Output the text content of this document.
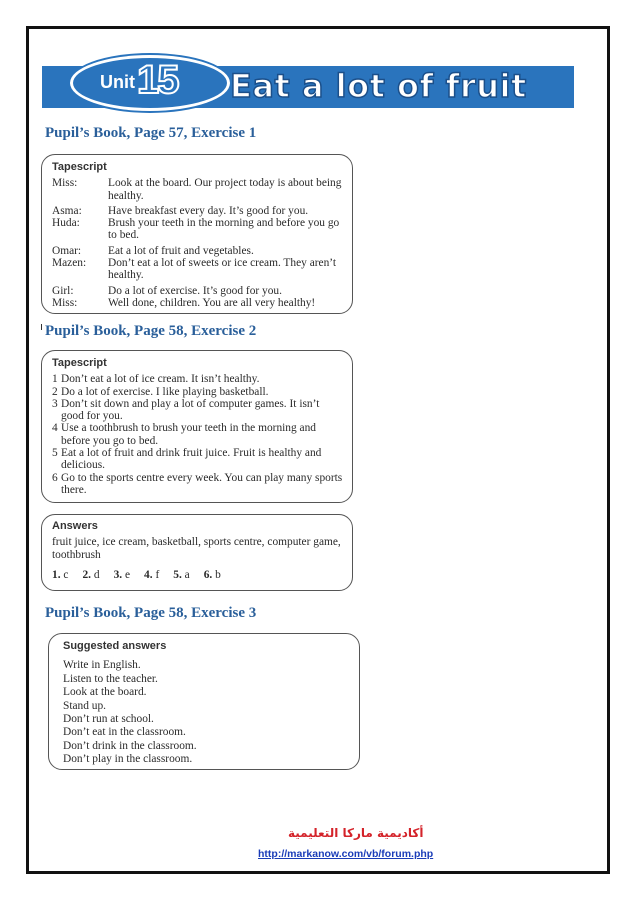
Unit 15 Eat a lot of fruit
Pupil’s Book, Page 57, Exercise 1
Tapescript
Miss:	Look at the board. Our project today is about being healthy.
Asma:	Have breakfast every day. It’s good for you.
Huda:	Brush your teeth in the morning and before you go to bed.
Omar:	Eat a lot of fruit and vegetables.
Mazen:	Don’t eat a lot of sweets or ice cream. They aren’t healthy.
Girl:	Do a lot of exercise. It’s good for you.
Miss:	Well done, children. You are all very healthy!
Pupil’s Book, Page 58, Exercise 2
Tapescript
1 Don’t eat a lot of ice cream. It isn’t healthy.
2 Do a lot of exercise. I like playing basketball.
3 Don’t sit down and play a lot of computer games. It isn’t good for you.
4 Use a toothbrush to brush your teeth in the morning and before you go to bed.
5 Eat a lot of fruit and drink fruit juice. Fruit is healthy and delicious.
6 Go to the sports centre every week. You can play many sports there.
Answers
fruit juice, ice cream, basketball, sports centre, computer game, toothbrush
1. c 2. d 3. e 4. f 5. a 6. b
Pupil’s Book, Page 58, Exercise 3
Suggested answers
Write in English.
Listen to the teacher.
Look at the board.
Stand up.
Don’t run at school.
Don’t eat in the classroom.
Don’t drink in the classroom.
Don’t play in the classroom.
أكاديمية ماركا التعليمية
http://markanow.com/vb/forum.php
